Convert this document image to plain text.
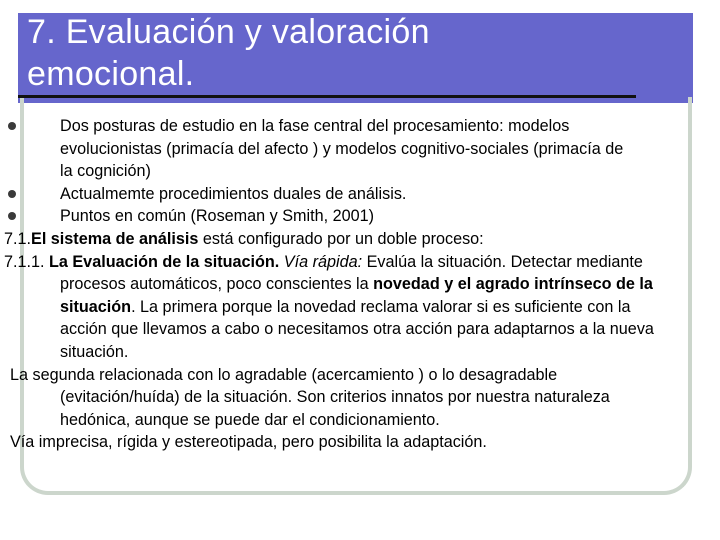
7. Evaluación y valoración
emocional.
Dos posturas de estudio en la fase central del procesamiento: modelos evolucionistas (primacía del afecto ) y modelos cognitivo-sociales (primacía de la cognición)
Actualmemte procedimientos duales de análisis.
Puntos en común (Roseman y Smith, 2001)
7.1.El sistema de análisis está configurado por un doble proceso:
7.1.1. La Evaluación de la situación. Vía rápida: Evalúa la situación. Detectar mediante procesos automáticos, poco conscientes la novedad y el agrado intrínseco de la situación. La primera porque la novedad reclama valorar si es suficiente con la acción que llevamos a cabo o necesitamos otra acción para adaptarnos a la nueva situación.
La segunda relacionada con lo agradable (acercamiento ) o lo desagradable (evitación/huída) de la situación. Son criterios innatos por nuestra naturaleza hedónica, aunque se puede dar el condicionamiento.
Vía imprecisa, rígida y estereotipada, pero posibilita la adaptación.
